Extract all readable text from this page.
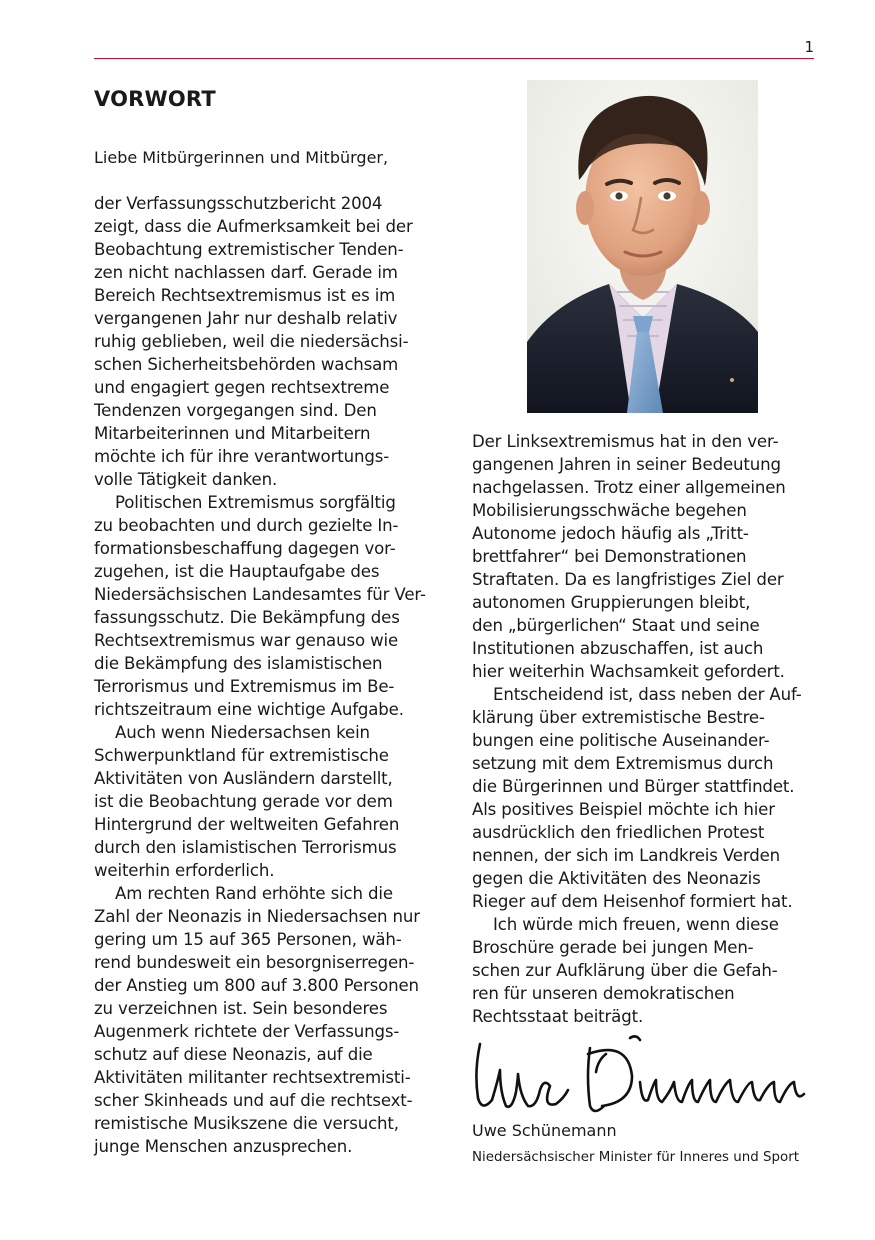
1
VORWORT
Liebe Mitbürgerinnen und Mitbürger,

der Verfassungsschutzbericht 2004
zeigt, dass die Aufmerksamkeit bei der
Beobachtung extremistischer Tenden-
zen nicht nachlassen darf. Gerade im
Bereich Rechtsextremismus ist es im
vergangenen Jahr nur deshalb relativ
ruhig geblieben, weil die niedersächsi-
schen Sicherheitsbehörden wachsam
und engagiert gegen rechtsextreme
Tendenzen vorgegangen sind. Den
Mitarbeiterinnen und Mitarbeitern
möchte ich für ihre verantwortungs-
volle Tätigkeit danken.

Politischen Extremismus sorgfältig
zu beobachten und durch gezielte In-
formationsbeschaffung dagegen vor-
zugehen, ist die Hauptaufgabe des
Niedersächsischen Landesamtes für Ver-
fassungsschutz. Die Bekämpfung des
Rechtsextremismus war genauso wie
die Bekämpfung des islamistischen
Terrorismus und Extremismus im Be-
richtszeitraum eine wichtige Aufgabe.

Auch wenn Niedersachsen kein
Schwerpunktland für extremistische
Aktivitäten von Ausländern darstellt,
ist die Beobachtung gerade vor dem
Hintergrund der weltweiten Gefahren
durch den islamistischen Terrorismus
weiterhin erforderlich.

Am rechten Rand erhöhte sich die
Zahl der Neonazis in Niedersachsen nur
gering um 15 auf 365 Personen, wäh-
rend bundesweit ein besorgniserregen-
der Anstieg um 800 auf 3.800 Personen
zu verzeichnen ist. Sein besonderes
Augenmerk richtete der Verfassungs-
schutz auf diese Neonazis, auf die
Aktivitäten militanter rechtsextremisti-
scher Skinheads und auf die rechtsext-
remistische Musikszene die versucht,
junge Menschen anzusprechen.

Der Linksextremismus hat in den ver-
gangenen Jahren in seiner Bedeutung
nachgelassen. Trotz einer allgemeinen
Mobilisierungsschwäche begehen
Autonome jedoch häufig als „Tritt-
brettfahrer“ bei Demonstrationen
Straftaten. Da es langfristiges Ziel der
autonomen Gruppierungen bleibt,
den „bürgerlichen“ Staat und seine
Institutionen abzuschaffen, ist auch
hier weiterhin Wachsamkeit gefordert.

Entscheidend ist, dass neben der Auf-
klärung über extremistische Bestre-
bungen eine politische Auseinander-
setzung mit dem Extremismus durch
die Bürgerinnen und Bürger stattfindet.
Als positives Beispiel möchte ich hier
ausdrücklich den friedlichen Protest
nennen, der sich im Landkreis Verden
gegen die Aktivitäten des Neonazis
Rieger auf dem Heisenhof formiert hat.

Ich würde mich freuen, wenn diese
Broschüre gerade bei jungen Men-
schen zur Aufklärung über die Gefah-
ren für unseren demokratischen
Rechtsstaat beiträgt.

Uwe Schünemann
Niedersächsischer Minister für Inneres und Sport
